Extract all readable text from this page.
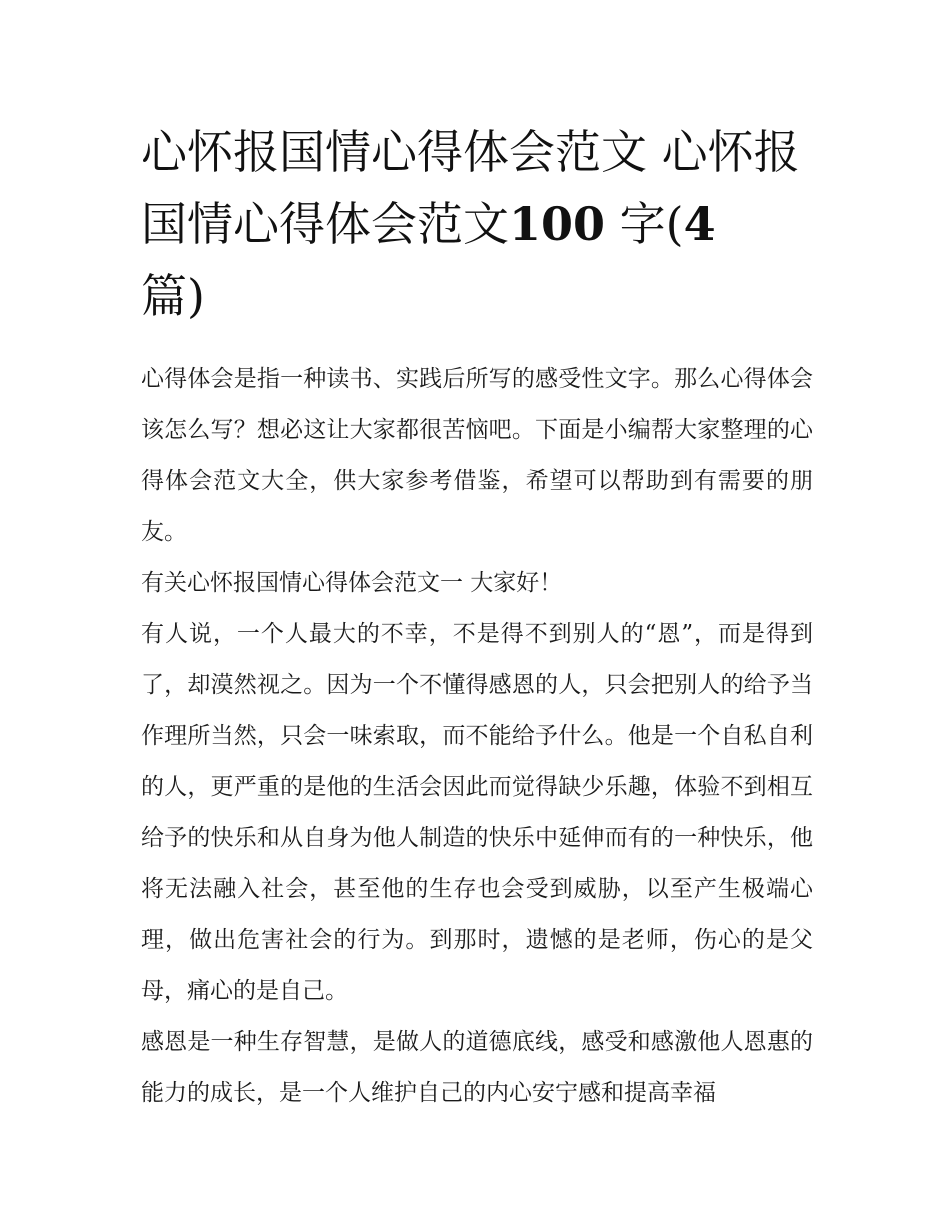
心怀报国情心得体会范文 心怀报国情心得体会范文100 字(4
篇)

心得体会是指一种读书、实践后所写的感受性文字。那么心得体会该怎么写？想必这让大家都很苦恼吧。下面是小编帮大家整理的心得体会范文大全，供大家参考借鉴，希望可以帮助到有需要的朋友。

有关心怀报国情心得体会范文一 大家好！

有人说，一个人最大的不幸，不是得不到别人的“恩”，而是得到了，却漠然视之。因为一个不懂得感恩的人，只会把别人的给予当作理所当然，只会一味索取，而不能给予什么。他是一个自私自利的人，更严重的是他的生活会因此而觉得缺少乐趣，体验不到相互给予的快乐和从自身为他人制造的快乐中延伸而有的一种快乐，他将无法融入社会，甚至他的生存也会受到威胁，以至产生极端心理，做出危害社会的行为。到那时，遗憾的是老师，伤心的是父母，痛心的是自己。

感恩是一种生存智慧，是做人的道德底线，感受和感激他人恩惠的能力的成长，是一个人维护自己的内心安宁感和提高幸福
